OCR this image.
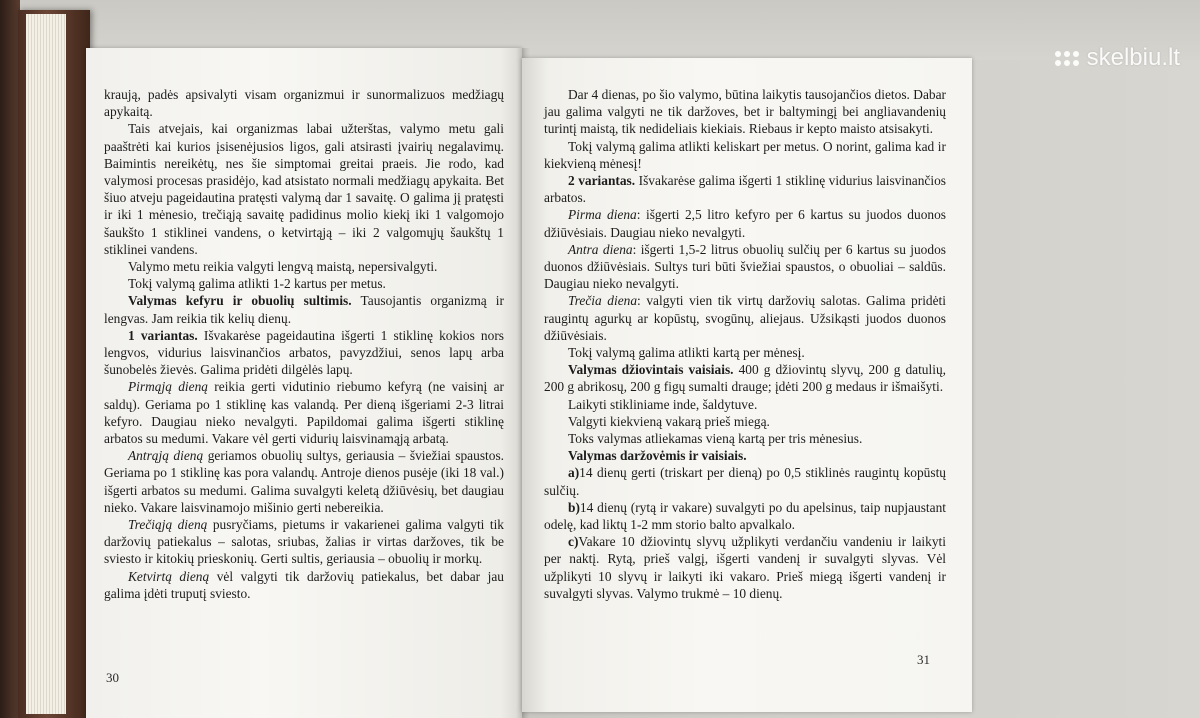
kraują, padės apsivalyti visam organizmui ir sunormalizuos medžiagų apykaitą.

Tais atvejais, kai organizmas labai užterštas, valymo metu gali paaštrėti kai kurios įsisenėjusios ligos, gali atsirasti įvairių negalavimų. Baimintis nereikėtų, nes šie simptomai greitai praeis. Jie rodo, kad valymosi procesas prasidėjo, kad atsistato normali medžiagų apykaita. Bet šiuo atveju pageidautina pratęsti valymą dar 1 savaitę. O galima jį pratęsti ir iki 1 mėnesio, trečiąją savaitę padidinus molio kiekį iki 1 valgomojo šaukšto 1 stiklinei vandens, o ketvirtąją – iki 2 valgomųjų šaukštų 1 stiklinei vandens.

Valymo metu reikia valgyti lengvą maistą, nepersivalgyti.

Tokį valymą galima atlikti 1-2 kartus per metus.

Valymas kefyru ir obuolių sultimis. Tausojantis organizmą ir lengvas. Jam reikia tik kelių dienų.

1 variantas. Išvakarėse pageidautina išgerti 1 stiklinę kokios nors lengvos, vidurius laisvinančios arbatos, pavyzdžiui, senos lapų arba šunobelės žievės. Galima pridėti dilgėlės lapų.

Pirmąją dieną reikia gerti vidutinio riebumo kefyrą (ne vaisinį ar saldų). Geriama po 1 stiklinę kas valandą. Per dieną išgeriami 2-3 litrai kefyro. Daugiau nieko nevalgyti. Papildomai galima išgerti stiklinę arbatos su medumi. Vakare vėl gerti vidurių laisvinamąją arbatą.

Antrąją dieną geriamos obuolių sultys, geriausia – šviežiai spaustos. Geriama po 1 stiklinę kas pora valandų. Antroje dienos pusėje (iki 18 val.) išgerti arbatos su medumi. Galima suvalgyti keletą džiūvėsių, bet daugiau nieko. Vakare laisvinamojo mišinio gerti nebereikia.

Trečiąją dieną pusryčiams, pietums ir vakarienei galima valgyti tik daržovių patiekalus – salotas, sriubas, žalias ir virtas daržoves, tik be sviesto ir kitokių prieskonių. Gerti sultis, geriausia – obuolių ir morkų.

Ketvirtą dieną vėl valgyti tik daržovių patiekalus, bet dabar jau galima įdėti truputį sviesto.

30

Dar 4 dienas, po šio valymo, būtina laikytis tausojančios dietos. Dabar jau galima valgyti ne tik daržoves, bet ir baltymingį bei angliavandenių turintį maistą, tik nedideliais kiekiais. Riebaus ir kepto maisto atsisakyti.

Tokį valymą galima atlikti keliskart per metus. O norint, galima kad ir kiekvieną mėnesį!

2 variantas. Išvakarėse galima išgerti 1 stiklinę vidurius laisvinančios arbatos.

Pirma diena: išgerti 2,5 litro kefyro per 6 kartus su juodos duonos džiūvėsiais. Daugiau nieko nevalgyti.

Antra diena: išgerti 1,5-2 litrus obuolių sulčių per 6 kartus su juodos duonos džiūvėsiais. Sultys turi būti šviežiai spaustos, o obuoliai – saldūs. Daugiau nieko nevalgyti.

Trečia diena: valgyti vien tik virtų daržovių salotas. Galima pridėti raugintų agurkų ar kopūstų, svogūnų, aliejaus. Užsikąsti juodos duonos džiūvėsiais.

Tokį valymą galima atlikti kartą per mėnesį.

Valymas džiovintais vaisiais. 400 g džiovintų slyvų, 200 g datulių, 200 g abrikosų, 200 g figų sumalti drauge; įdėti 200 g medaus ir išmaišyti.

Laikyti stikliniame inde, šaldytuve.

Valgyti kiekvieną vakarą prieš miegą.

Toks valymas atliekamas vieną kartą per tris mėnesius.

Valymas daržovėmis ir vaisiais.

a)14 dienų gerti (triskart per dieną) po 0,5 stiklinės raugintų kopūstų sulčių.

b)14 dienų (rytą ir vakare) suvalgyti po du apelsinus, taip nupjaustant odelę, kad liktų 1-2 mm storio balto apvalkalo.

c)Vakare 10 džiovintų slyvų užplikyti verdančiu vandeniu ir laikyti per naktį. Rytą, prieš valgį, išgerti vandenį ir suvalgyti slyvas. Vėl užplikyti 10 slyvų ir laikyti iki vakaro. Prieš miegą išgerti vandenį ir suvalgyti slyvas. Valymo trukmė – 10 dienų.

31
skelbiu.lt
